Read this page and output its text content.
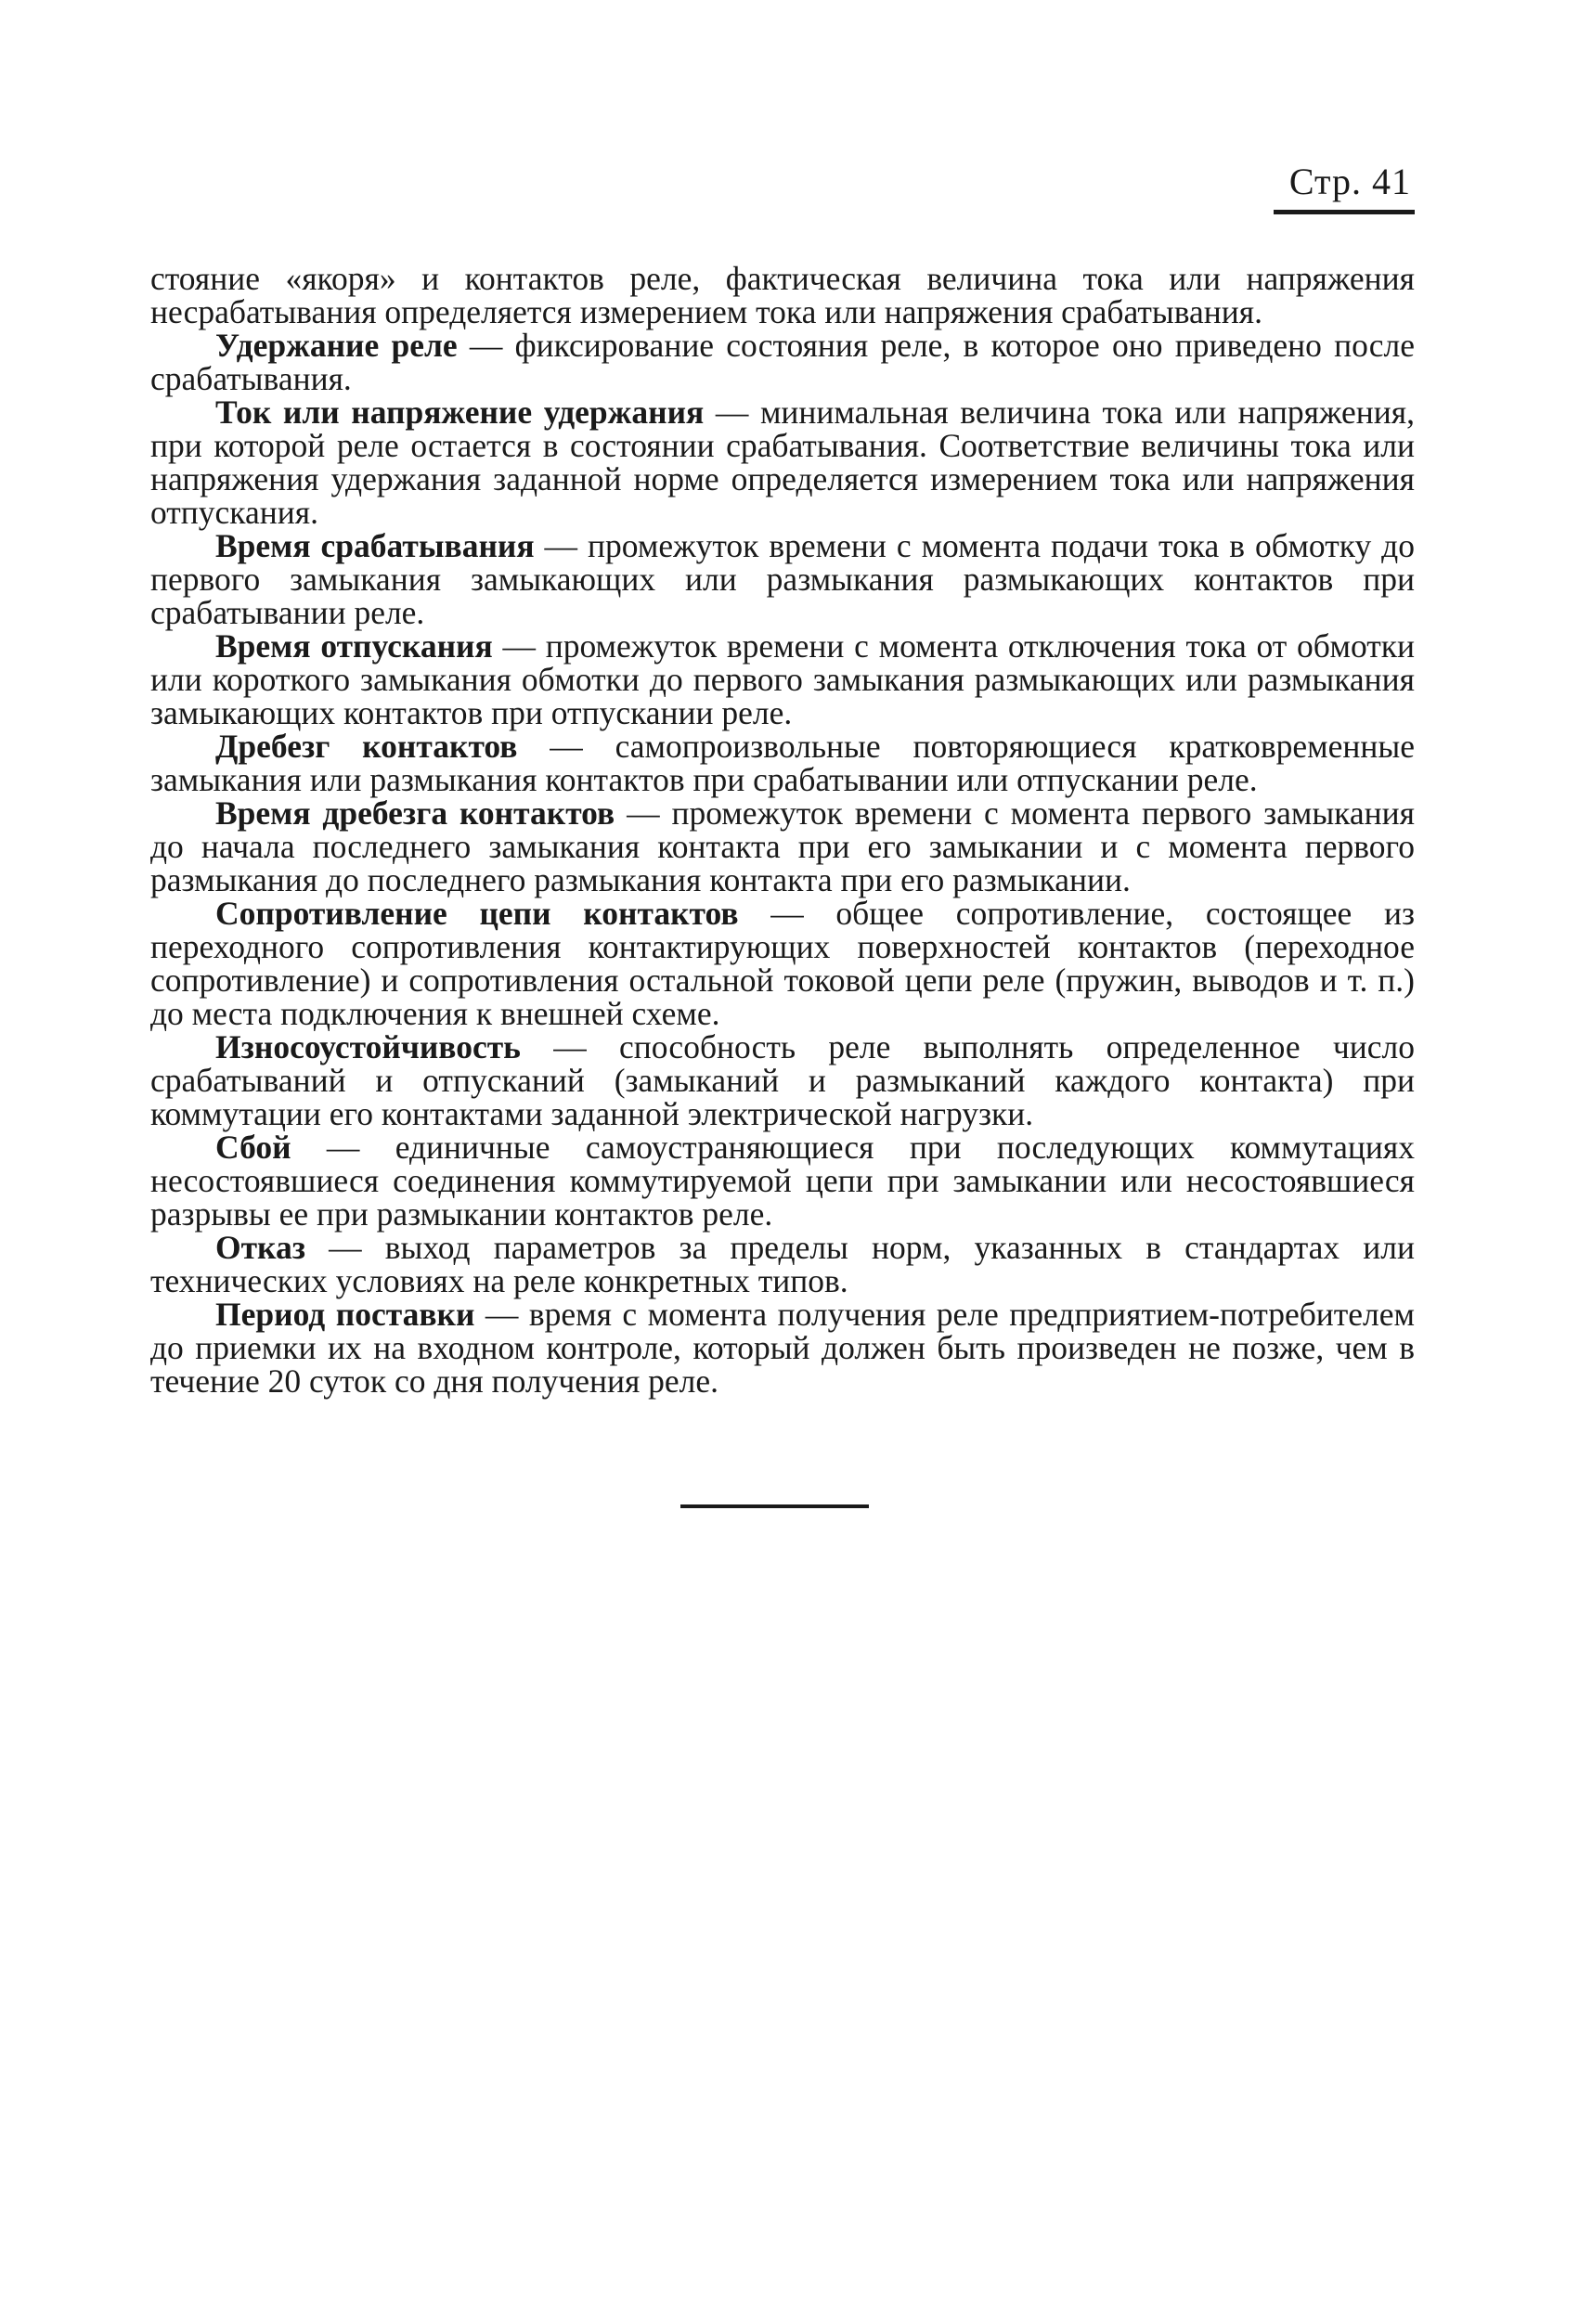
Стр. 41

стояние «якоря» и контактов реле, фактическая величина тока или напряжения несрабатывания определяется измерением тока или напряжения срабатывания.

Удержание реле — фиксирование состояния реле, в которое оно приведено после срабатывания.

Ток или напряжение удержания — минимальная величина тока или напряжения, при которой реле остается в состоянии срабатывания. Соответствие величины тока или напряжения удержания заданной норме определяется измерением тока или напряжения отпускания.

Время срабатывания — промежуток времени с момента подачи тока в обмотку до первого замыкания замыкающих или размыкания размыкающих контактов при срабатывании реле.

Время отпускания — промежуток времени с момента отключения тока от обмотки или короткого замыкания обмотки до первого замыкания размыкающих или размыкания замыкающих контактов при отпускании реле.

Дребезг контактов — самопроизвольные повторяющиеся кратковременные замыкания или размыкания контактов при срабатывании или отпускании реле.

Время дребезга контактов — промежуток времени с момента первого замыкания до начала последнего замыкания контакта при его замыкании и с момента первого размыкания до последнего размыкания контакта при его размыкании.

Сопротивление цепи контактов — общее сопротивление, состоящее из переходного сопротивления контактирующих поверхностей контактов (переходное сопротивление) и сопротивления остальной токовой цепи реле (пружин, выводов и т. п.) до места подключения к внешней схеме.

Износоустойчивость — способность реле выполнять определенное число срабатываний и отпусканий (замыканий и размыканий каждого контакта) при коммутации его контактами заданной электрической нагрузки.

Сбой — единичные самоустраняющиеся при последующих коммутациях несостоявшиеся соединения коммутируемой цепи при замыкании или несостоявшиеся разрывы ее при размыкании контактов реле.

Отказ — выход параметров за пределы норм, указанных в стандартах или технических условиях на реле конкретных типов.

Период поставки — время с момента получения реле предприятием-потребителем до приемки их на входном контроле, который должен быть произведен не позже, чем в течение 20 суток со дня получения реле.
